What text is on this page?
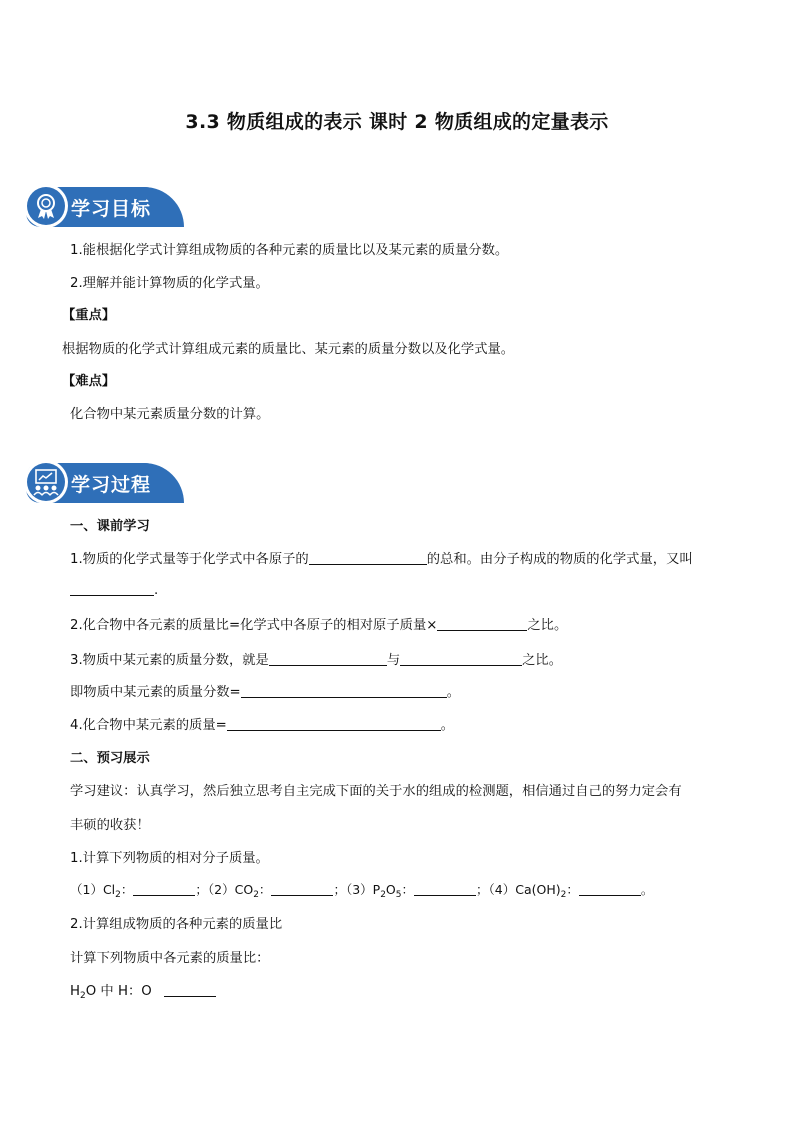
3.3 物质组成的表示 课时 2 物质组成的定量表示
学习目标
1.能根据化学式计算组成物质的各种元素的质量比以及某元素的质量分数。
2.理解并能计算物质的化学式量。
【重点】
根据物质的化学式计算组成元素的质量比、某元素的质量分数以及化学式量。
【难点】
化合物中某元素质量分数的计算。
学习过程
一、课前学习
1.物质的化学式量等于化学式中各原子的	的总和。由分子构成的物质的化学式量，又叫
.
2.化合物中各元素的质量比=化学式中各原子的相对原子质量×	之比。
3.物质中某元素的质量分数，就是	与	之比。
即物质中某元素的质量分数=	。
4.化合物中某元素的质量=	。
二、预习展示
学习建议：认真学习，然后独立思考自主完成下面的关于水的组成的检测题，相信通过自己的努力定会有
丰硕的收获！
1.计算下列物质的相对分子质量。
$(1)Cl_2$：	；$(2)CO_2$：	；$(3)P_2O_5$：	；$(4)Ca(OH)_2$：	。
2.计算组成物质的各种元素的质量比
计算下列物质中各元素的质量比：
$H_2O$ 中 H：O
